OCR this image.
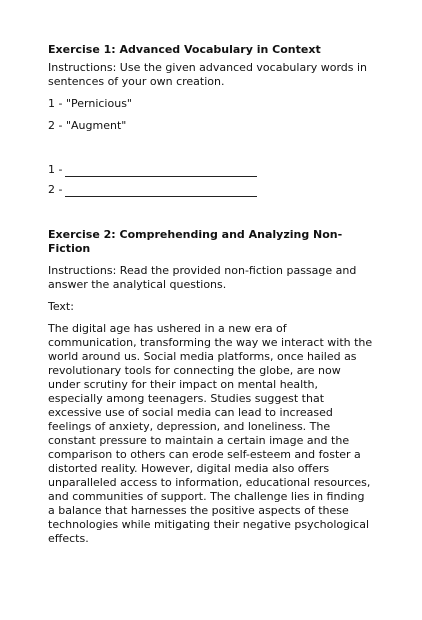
Exercise 1: Advanced Vocabulary in Context

Instructions: Use the given advanced vocabulary words in sentences of your own creation.

1 - "Pernicious"

2 - "Augment"

1 -
2 -
Exercise 2: Comprehending and Analyzing Non-Fiction

Instructions: Read the provided non-fiction passage and answer the analytical questions.

Text:

The digital age has ushered in a new era of communication, transforming the way we interact with the world around us. Social media platforms, once hailed as revolutionary tools for connecting the globe, are now under scrutiny for their impact on mental health, especially among teenagers. Studies suggest that excessive use of social media can lead to increased feelings of anxiety, depression, and loneliness. The constant pressure to maintain a certain image and the comparison to others can erode self-esteem and foster a distorted reality. However, digital media also offers unparalleled access to information, educational resources, and communities of support. The challenge lies in finding a balance that harnesses the positive aspects of these technologies while mitigating their negative psychological effects.
